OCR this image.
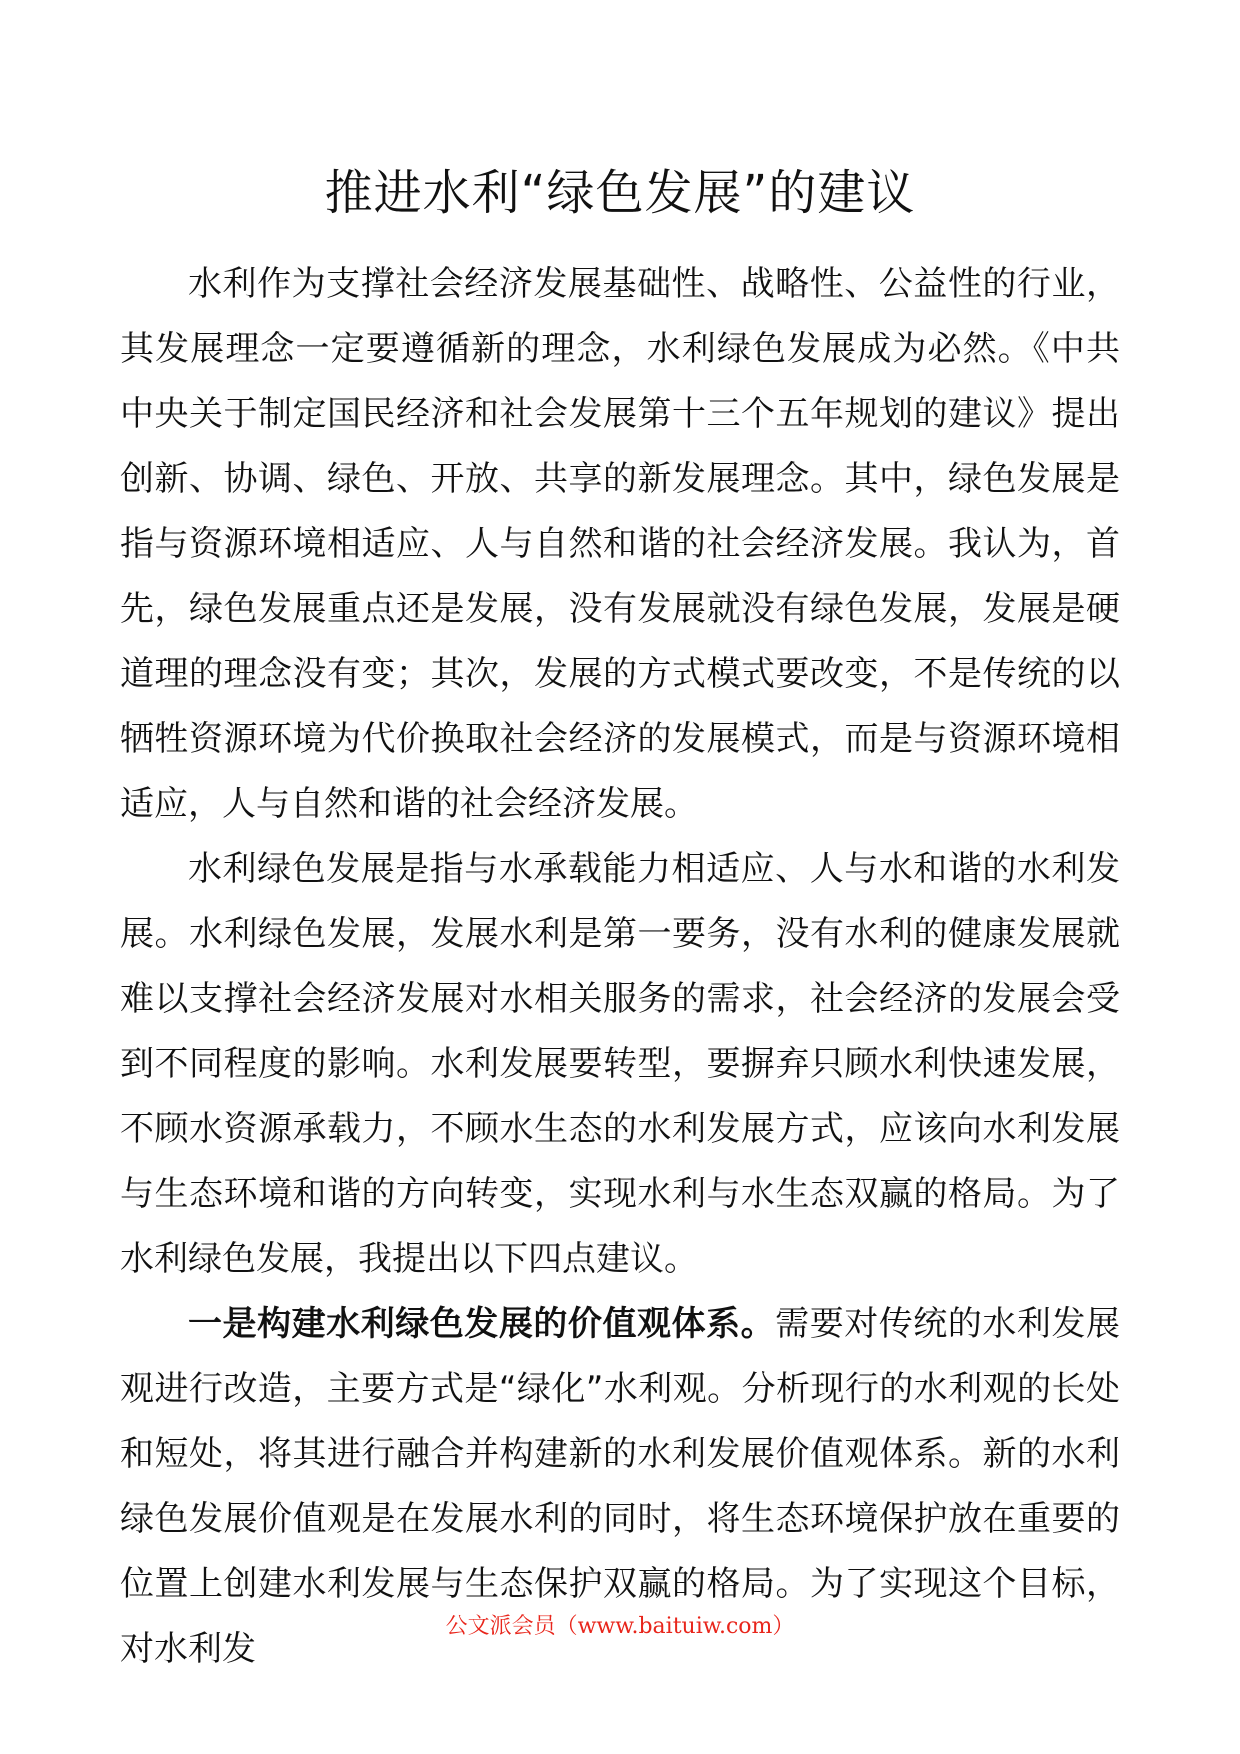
推进水利“绿色发展”的建议

水利作为支撑社会经济发展基础性、战略性、公益性的行业，其发展理念一定要遵循新的理念，水利绿色发展成为必然。《中共中央关于制定国民经济和社会发展第十三个五年规划的建议》提出创新、协调、绿色、开放、共享的新发展理念。其中，绿色发展是指与资源环境相适应、人与自然和谐的社会经济发展。我认为，首先，绿色发展重点还是发展，没有发展就没有绿色发展，发展是硬道理的理念没有变；其次，发展的方式模式要改变，不是传统的以牺牲资源环境为代价换取社会经济的发展模式，而是与资源环境相适应，人与自然和谐的社会经济发展。

水利绿色发展是指与水承载能力相适应、人与水和谐的水利发展。水利绿色发展，发展水利是第一要务，没有水利的健康发展就难以支撑社会经济发展对水相关服务的需求，社会经济的发展会受到不同程度的影响。水利发展要转型，要摒弃只顾水利快速发展，不顾水资源承载力，不顾水生态的水利发展方式，应该向水利发展与生态环境和谐的方向转变，实现水利与水生态双赢的格局。为了水利绿色发展，我提出以下四点建议。

一是构建水利绿色发展的价值观体系。需要对传统的水利发展观进行改造，主要方式是“绿化”水利观。分析现行的水利观的长处和短处，将其进行融合并构建新的水利发展价值观体系。新的水利绿色发展价值观是在发展水利的同时，将生态环境保护放在重要的位置上创建水利发展与生态保护双赢的格局。为了实现这个目标，对水利发

公文派会员（www.baituiw.com）
